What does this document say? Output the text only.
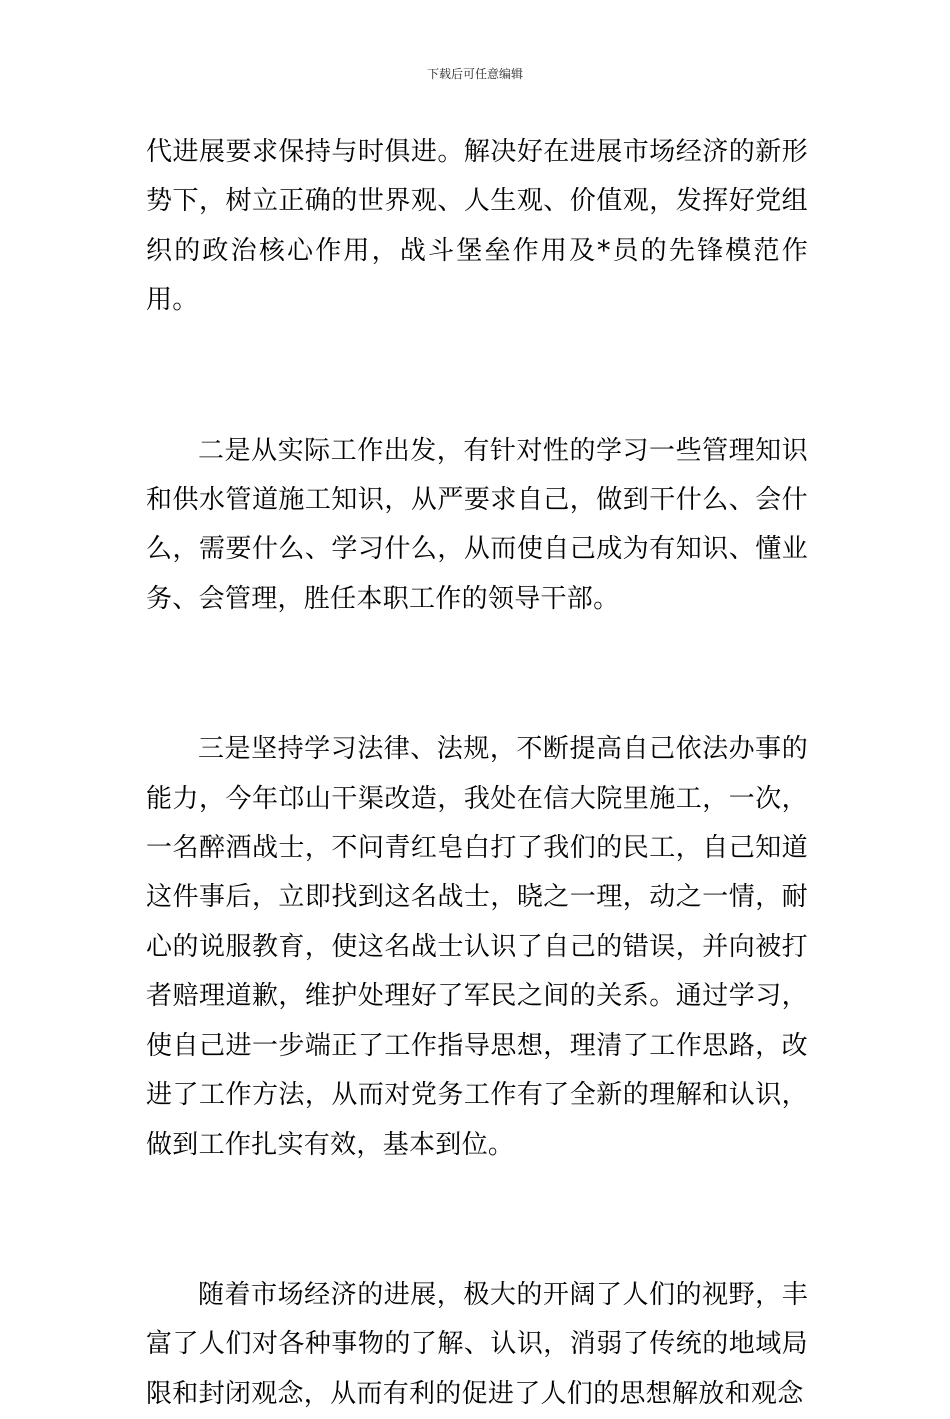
下载后可任意编辑

代进展要求保持与时俱进。解决好在进展市场经济的新形势下，树立正确的世界观、人生观、价值观，发挥好党组织的政治核心作用，战斗堡垒作用及*员的先锋模范作用。

二是从实际工作出发，有针对性的学习一些管理知识和供水管道施工知识，从严要求自己，做到干什么、会什么，需要什么、学习什么，从而使自己成为有知识、懂业务、会管理，胜任本职工作的领导干部。

三是坚持学习法律、法规，不断提高自己依法办事的能力，今年邙山干渠改造，我处在信大院里施工，一次，一名醉酒战士，不问青红皂白打了我们的民工，自己知道这件事后，立即找到这名战士，晓之一理，动之一情，耐心的说服教育，使这名战士认识了自己的错误，并向被打者赔理道歉，维护处理好了军民之间的关系。通过学习，使自己进一步端正了工作指导思想，理清了工作思路，改进了工作方法，从而对党务工作有了全新的理解和认识，做到工作扎实有效，基本到位。

随着市场经济的进展，极大的开阔了人们的视野，丰富了人们对各种事物的了解、认识，消弱了传统的地域局限和封闭观念，从而有利的促进了人们的思想解放和观念
